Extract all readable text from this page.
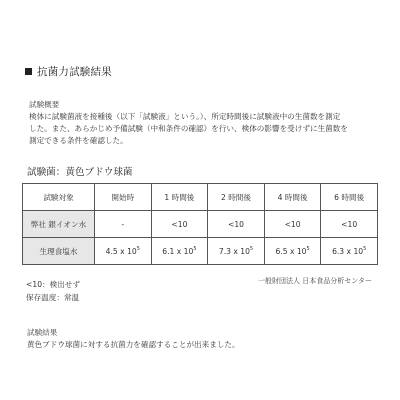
抗菌力試験結果
試験概要
検体に試験菌液を接種後（以下「試験液」という。）、所定時間後に試験液中の生菌数を測定
した。また、あらかじめ予備試験（中和条件の確認）を行い、検体の影響を受けずに生菌数を
測定できる条件を確認した。
試験菌：黄色ブドウ球菌
試験対象	開始時	1 時間後	2 時間後	4 時間後	6 時間後
弊社 銀イオン水	-	<10	<10	<10	<10
生理食塩水	4.5 x $10^5$	6.1 x $10^5$	7.3 x $10^5$	6.5 x $10^5$	6.3 x $10^5$
一般財団法人 日本食品分析センター
<10：検出せず
保存温度：常温
試験結果
黄色ブドウ球菌に対する抗菌力を確認することが出来ました。
